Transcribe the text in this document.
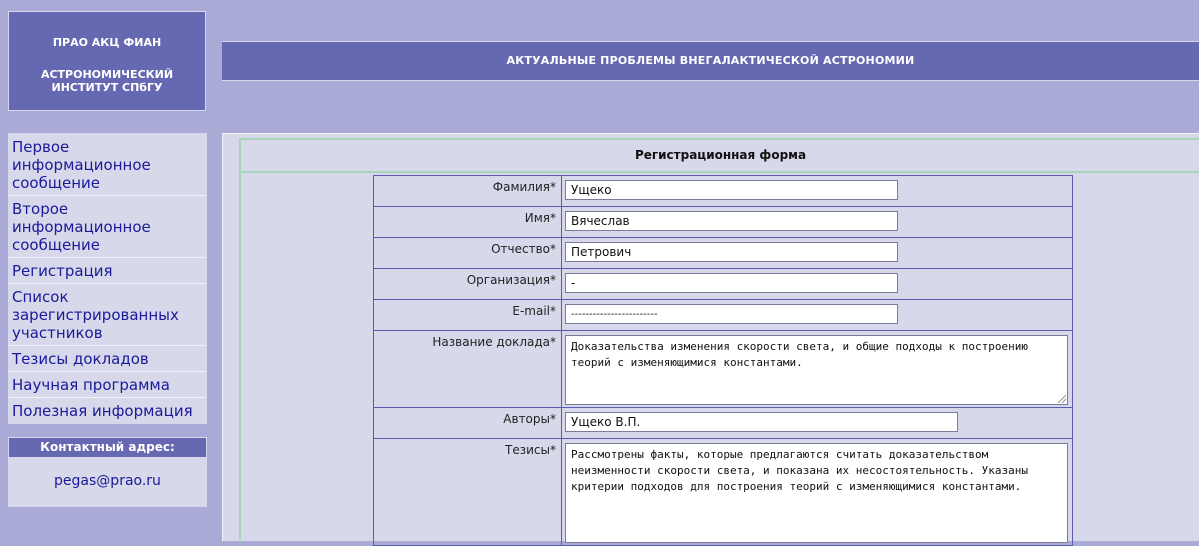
ПРАО АКЦ ФИАН
АСТРОНОМИЧЕСКИЙ
ИНСТИТУТ СПбГУ
АКТУАЛЬНЫЕ ПРОБЛЕМЫ ВНЕГАЛАКТИЧЕСКОЙ АСТРОНОМИИ
Первое информационное сообщение
Второе информационное сообщение
Регистрация
Список зарегистрированных участников
Тезисы докладов
Научная программа
Полезная информация
Контактный адрес:
pegas@prao.ru
Регистрационная форма
Фамилия*	Ущеко

Имя*	Вячеслав

Отчество*	Петрович

Организация*	-

E-mail*	------------------------

Название доклада*	Доказательства изменения скорости света, и общие подходы к построению теорий с изменяющимися константами.

Авторы*	Ущеко В.П.

Тезисы*	Рассмотрены факты, которые предлагаются считать доказательством неизменности скорости света, и показана их несостоятельность. Указаны критерии подходов для построения теорий с изменяющимися константами.
